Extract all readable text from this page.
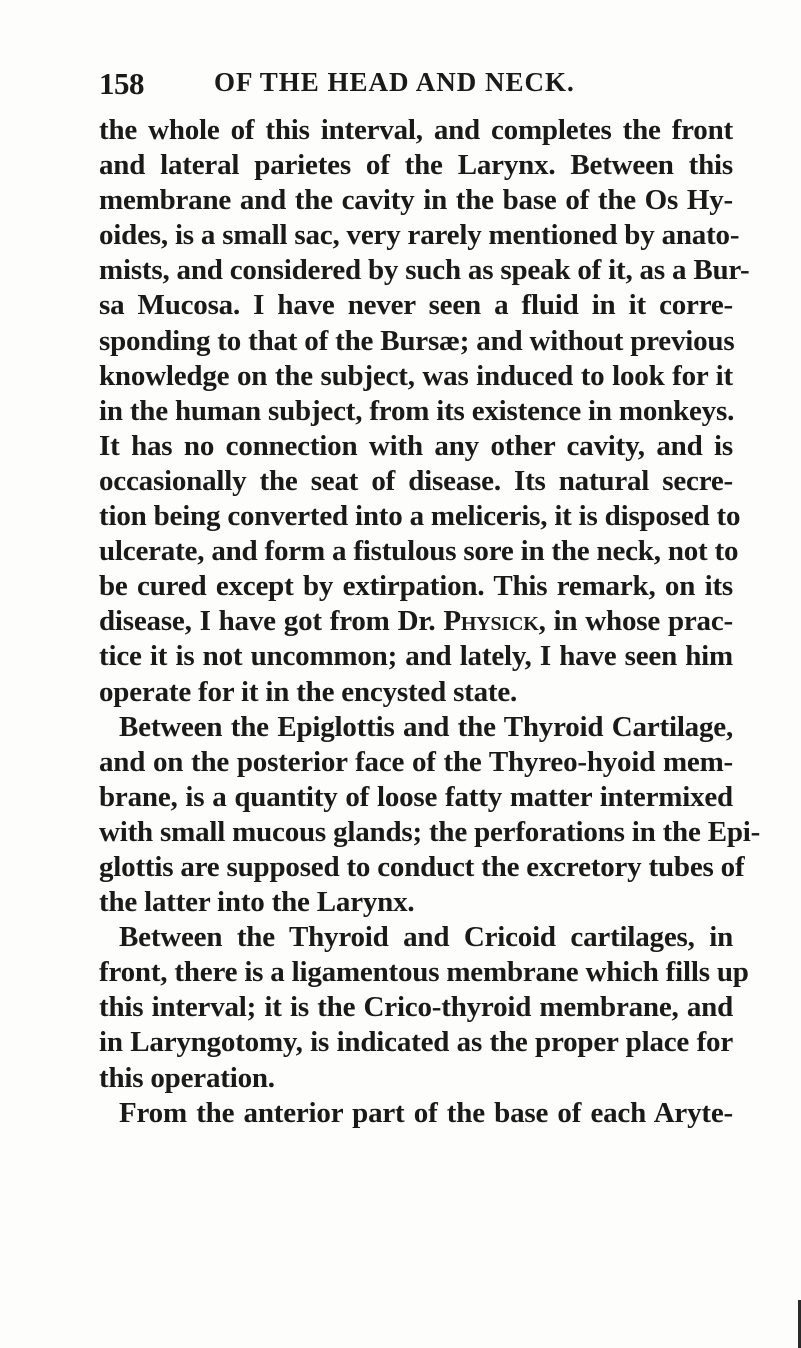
158	OF THE HEAD AND NECK.
the whole of this interval, and completes the front
and lateral parietes of the Larynx. Between this
membrane and the cavity in the base of the Os Hy-
oides, is a small sac, very rarely mentioned by anato-
mists, and considered by such as speak of it, as a Bur-
sa Mucosa. I have never seen a fluid in it corre-
sponding to that of the Bursæ; and without previous
knowledge on the subject, was induced to look for it
in the human subject, from its existence in monkeys.
It has no connection with any other cavity, and is
occasionally the seat of disease. Its natural secre-
tion being converted into a meliceris, it is disposed to
ulcerate, and form a fistulous sore in the neck, not to
be cured except by extirpation. This remark, on its
disease, I have got from Dr. Physick, in whose prac-
tice it is not uncommon; and lately, I have seen him
operate for it in the encysted state.
Between the Epiglottis and the Thyroid Cartilage,
and on the posterior face of the Thyreo-hyoid mem-
brane, is a quantity of loose fatty matter intermixed
with small mucous glands; the perforations in the Epi-
glottis are supposed to conduct the excretory tubes of
the latter into the Larynx.
Between the Thyroid and Cricoid cartilages, in
front, there is a ligamentous membrane which fills up
this interval; it is the Crico-thyroid membrane, and
in Laryngotomy, is indicated as the proper place for
this operation.
From the anterior part of the base of each Aryte-
